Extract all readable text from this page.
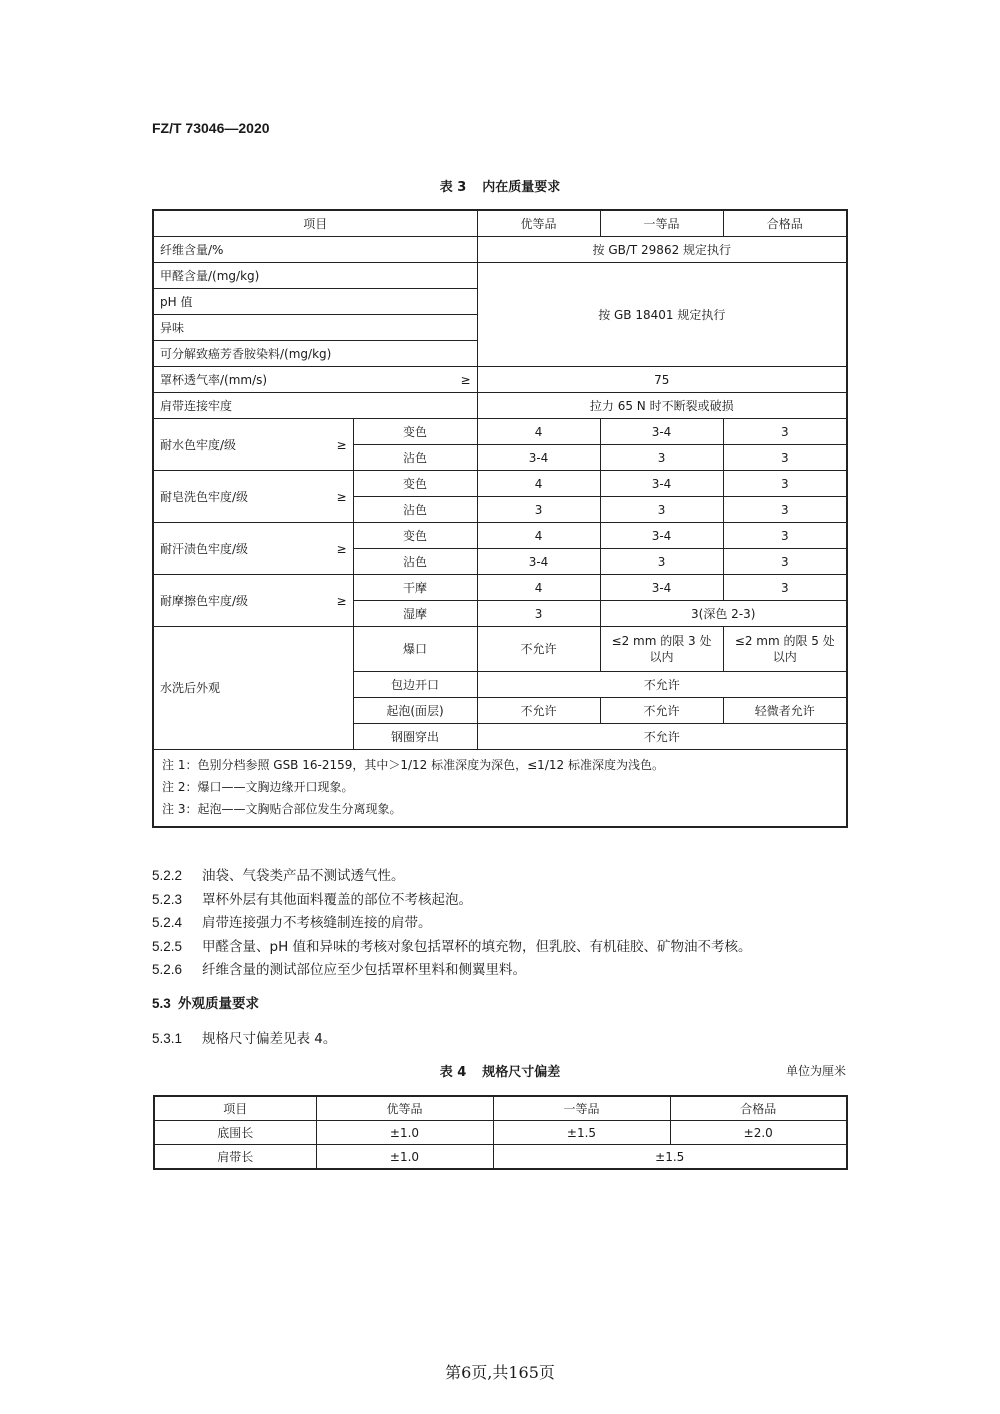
FZ/T 73046—2020
表 3 内在质量要求
项目		优等品	一等品	合格品
纤维含量/%		按 GB/T 29862 规定执行		
甲醛含量/(mg/kg)		按 GB 18401 规定执行		
pH 值				
异味				
可分解致癌芳香胺染料/(mg/kg)				
罩杯透气率/(mm/s) ≥		75		
肩带连接牢度		拉力 65 N 时不断裂或破损		
耐水色牢度/级 ≥	变色	4	3-4	3
	沾色	3-4	3	3
耐皂洗色牢度/级 ≥	变色	4	3-4	3
	沾色	3	3	3
耐汗渍色牢度/级 ≥	变色	4	3-4	3
	沾色	3-4	3	3
耐摩擦色牢度/级 ≥	干摩	4	3-4	3
	湿摩	3	3(深色 2-3)	
水洗后外观	爆口	不允许	≤2 mm 的限 3 处以内	≤2 mm 的限 5 处以内
	包边开口	不允许		
	起泡(面层)	不允许	不允许	轻微者允许
	钢圈穿出	不允许		

注 1：色别分档参照 GSB 16-2159，其中＞1/12 标准深度为深色，≤1/12 标准深度为浅色。
注 2：爆口——文胸边缘开口现象。
注 3：起泡——文胸贴合部位发生分离现象。				
5.2.2 油袋、气袋类产品不测试透气性。
5.2.3 罩杯外层有其他面料覆盖的部位不考核起泡。
5.2.4 肩带连接强力不考核缝制连接的肩带。
5.2.5 甲醛含量、pH 值和异味的考核对象包括罩杯的填充物，但乳胶、有机硅胶、矿物油不考核。
5.2.6 纤维含量的测试部位应至少包括罩杯里料和侧翼里料。
5.3 外观质量要求
5.3.1 规格尺寸偏差见表 4。
表 4 规格尺寸偏差	单位为厘米
项目	优等品	一等品	合格品
底围长	±1.0	±1.5	±2.0
肩带长	±1.0	±1.5	
第6页,共165页
